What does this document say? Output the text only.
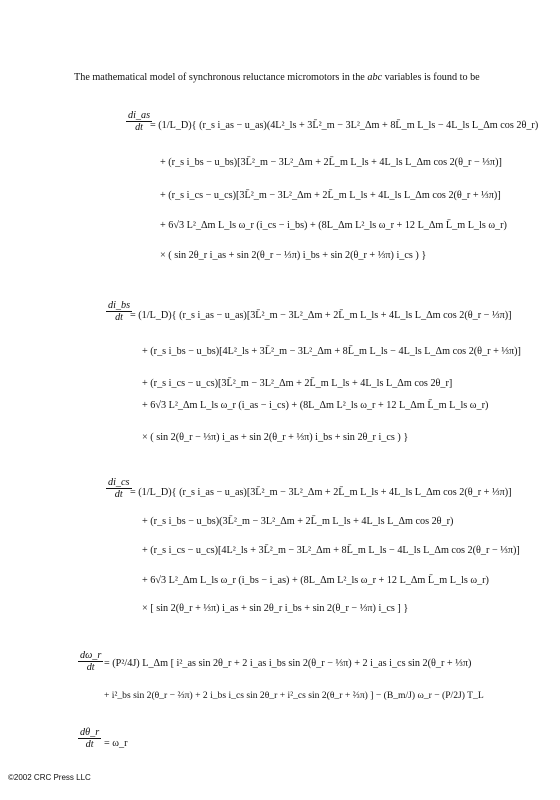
The mathematical model of synchronous reluctance micromotors in the abc variables is found to be
$\frac{di\_as}{dt}$
= (1/L_D){ (r_s i_as − u_as)(4L²_ls + 3L̄²_m − 3L²_Δm + 8L̄_m L_ls − 4L_ls L_Δm cos 2θ_r)
+ (r_s i_bs − u_bs)[3L̄²_m − 3L²_Δm + 2L̄_m L_ls + 4L_ls L_Δm cos 2(θ_r − ⅓π)]
+ (r_s i_cs − u_cs)[3L̄²_m − 3L²_Δm + 2L̄_m L_ls + 4L_ls L_Δm cos 2(θ_r + ⅓π)]
+ 6√3 L²_Δm L_ls ω_r (i_cs − i_bs) + (8L_Δm L²_ls ω_r + 12 L_Δm L̄_m L_ls ω_r)
× ( sin 2θ_r i_as + sin 2(θ_r − ⅓π) i_bs + sin 2(θ_r + ⅓π) i_cs ) }
$\frac{di\_bs}{dt}$
= (1/L_D){ (r_s i_as − u_as)[3L̄²_m − 3L²_Δm + 2L̄_m L_ls + 4L_ls L_Δm cos 2(θ_r − ⅓π)]
+ (r_s i_bs − u_bs)[4L²_ls + 3L̄²_m − 3L²_Δm + 8L̄_m L_ls − 4L_ls L_Δm cos 2(θ_r + ⅓π)]
+ (r_s i_cs − u_cs)[3L̄²_m − 3L²_Δm + 2L̄_m L_ls + 4L_ls L_Δm cos 2θ_r]
+ 6√3 L²_Δm L_ls ω_r (i_as − i_cs) + (8L_Δm L²_ls ω_r + 12 L_Δm L̄_m L_ls ω_r)
× ( sin 2(θ_r − ⅓π) i_as + sin 2(θ_r + ⅓π) i_bs + sin 2θ_r i_cs ) }
$\frac{di\_cs}{dt}$
= (1/L_D){ (r_s i_as − u_as)[3L̄²_m − 3L²_Δm + 2L̄_m L_ls + 4L_ls L_Δm cos 2(θ_r + ⅓π)]
+ (r_s i_bs − u_bs)(3L̄²_m − 3L²_Δm + 2L̄_m L_ls + 4L_ls L_Δm cos 2θ_r)
+ (r_s i_cs − u_cs)[4L²_ls + 3L̄²_m − 3L²_Δm + 8L̄_m L_ls − 4L_ls L_Δm cos 2(θ_r − ⅓π)]
+ 6√3 L²_Δm L_ls ω_r (i_bs − i_as) + (8L_Δm L²_ls ω_r + 12 L_Δm L̄_m L_ls ω_r)
× [ sin 2(θ_r + ⅓π) i_as + sin 2θ_r i_bs + sin 2(θ_r − ⅓π) i_cs ] }
$\frac{d\omega\_r}{dt} = (P^2/4J)$ L_Δm [ i²_as sin 2θ_r + 2 i_as i_bs sin 2(θ_r − ⅓π) + 2 i_as i_cs sin 2(θ_r + ⅓π)
+ i²_bs sin 2(θ_r − ⅔π) + 2 i_bs i_cs sin 2θ_r + i²_cs sin 2(θ_r + ⅔π) ] − (B_m/J) ω_r − (P/2J) T_L
$\frac{d\theta\_r}{dt}$ = ω_r
©2002 CRC Press LLC
